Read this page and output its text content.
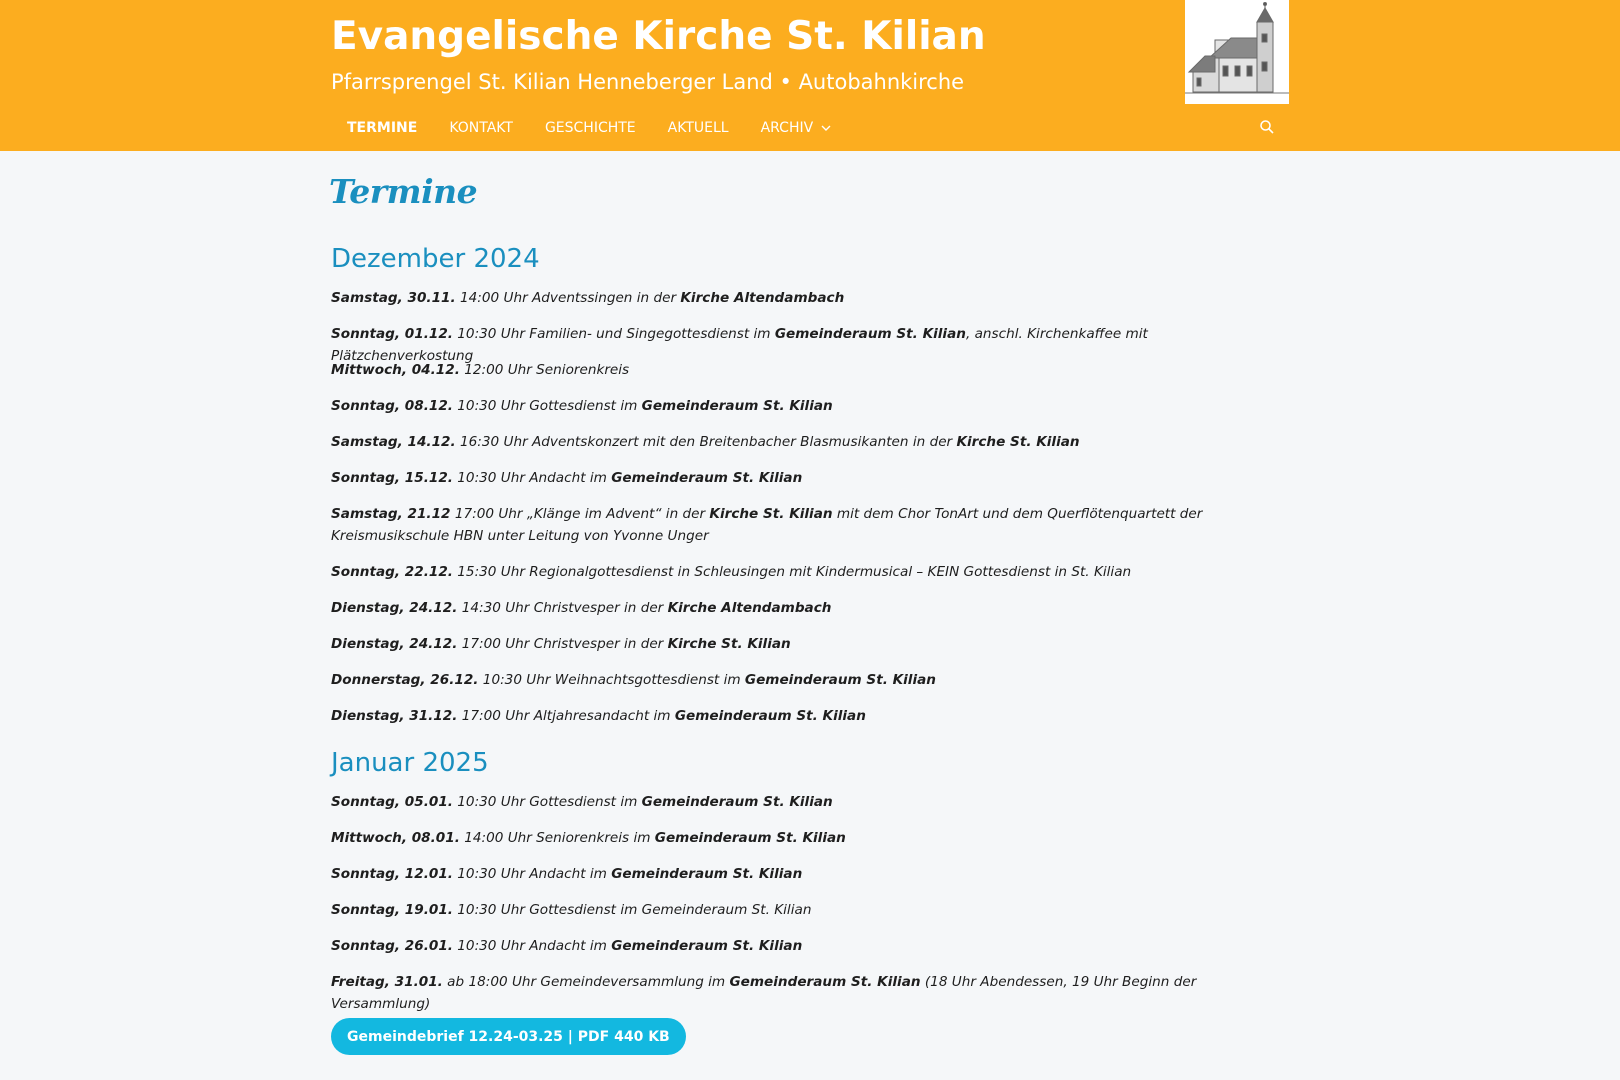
Evangelische Kirche St. Kilian
Pfarrsprengel St. Kilian Henneberger Land • Autobahnkirche
TERMINE KONTAKT GESCHICHTE AKTUELL ARCHIV
Termine
Dezember 2024
Samstag, 30.11. 14:00 Uhr Adventssingen in der Kirche Altendambach
Sonntag, 01.12. 10:30 Uhr Familien- und Singegottesdienst im Gemeinderaum St. Kilian, anschl. Kirchenkaffee mit Plätzchenverkostung
Mittwoch, 04.12. 12:00 Uhr Seniorenkreis
Sonntag, 08.12. 10:30 Uhr Gottesdienst im Gemeinderaum St. Kilian
Samstag, 14.12. 16:30 Uhr Adventskonzert mit den Breitenbacher Blasmusikanten in der Kirche St. Kilian
Sonntag, 15.12. 10:30 Uhr Andacht im Gemeinderaum St. Kilian
Samstag, 21.12 17:00 Uhr „Klänge im Advent“ in der Kirche St. Kilian mit dem Chor TonArt und dem Querflötenquartett der Kreismusikschule HBN unter Leitung von Yvonne Unger
Sonntag, 22.12. 15:30 Uhr Regionalgottesdienst in Schleusingen mit Kindermusical – KEIN Gottesdienst in St. Kilian
Dienstag, 24.12. 14:30 Uhr Christvesper in der Kirche Altendambach
Dienstag, 24.12. 17:00 Uhr Christvesper in der Kirche St. Kilian
Donnerstag, 26.12. 10:30 Uhr Weihnachtsgottesdienst im Gemeinderaum St. Kilian
Dienstag, 31.12. 17:00 Uhr Altjahresandacht im Gemeinderaum St. Kilian
Januar 2025
Sonntag, 05.01. 10:30 Uhr Gottesdienst im Gemeinderaum St. Kilian
Mittwoch, 08.01. 14:00 Uhr Seniorenkreis im Gemeinderaum St. Kilian
Sonntag, 12.01. 10:30 Uhr Andacht im Gemeinderaum St. Kilian
Sonntag, 19.01. 10:30 Uhr Gottesdienst im Gemeinderaum St. Kilian
Sonntag, 26.01. 10:30 Uhr Andacht im Gemeinderaum St. Kilian
Freitag, 31.01. ab 18:00 Uhr Gemeindeversammlung im Gemeinderaum St. Kilian (18 Uhr Abendessen, 19 Uhr Beginn der Versammlung)
Gemeindebrief 12.24-03.25 | PDF 440 KB
